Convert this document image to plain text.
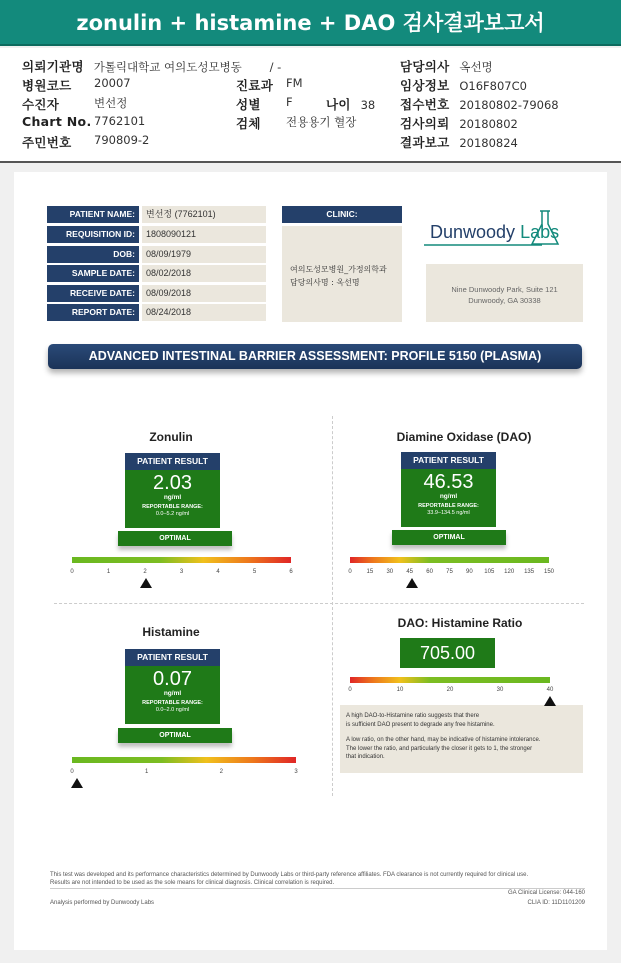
zonulin + histamine + DAO 검사결과보고서
의뢰기관명 가톨릭대학교 여의도성모병동 / -	담당의사 옥선명
병원코드 20007	진료과 FM	임상정보 O16F807C0
수진자	변선정	성별 F	나이 38 접수번호 20180802-79068
Chart No. 7762101	검체 전용용기 혈장	검사의뢰 20180802
주민번호 790809-2	결과보고 20180824
PATIENT NAME:	변선정 (7762101)
REQUISITION ID:	1808090121
DOB:	08/09/1979
SAMPLE DATE:	08/02/2018
RECEIVE DATE:	08/09/2018
REPORT DATE:	08/24/2018
CLINIC:
여의도성모병원_가정의학과
담당의사명 : 옥선명
Dunwoody Labs
Nine Dunwoody Park, Suite 121
Dunwoody, GA 30338
ADVANCED INTESTINAL BARRIER ASSESSMENT: PROFILE 5150 (PLASMA)
Zonulin
PATIENT RESULT
2.03
ng/ml
REPORTABLE RANGE:
0.0–5.2 ng/ml
OPTIMAL
Diamine Oxidase (DAO)
PATIENT RESULT
46.53
ng/ml
REPORTABLE RANGE:
33.9–134.5 ng/ml
OPTIMAL
Histamine
PATIENT RESULT
0.07
ng/ml
REPORTABLE RANGE:
0.0–2.0 ng/ml
OPTIMAL
DAO: Histamine Ratio
705.00
A high DAO-to-Histamine ratio suggests that there
is sufficient DAO present to degrade any free histamine.
A low ratio, on the other hand, may be indicative of histamine intolerance.
The lower the ratio, and particularly the closer it gets to 1, the stronger
that indication.
This test was developed and its performance characteristics determined by Dunwoody Labs or third-party reference affiliates. FDA clearance is not currently required for clinical use.
Results are not intended to be used as the sole means for clinical diagnosis. Clinical correlation is required.
GA Clinical License: 044-160
Analysis performed by Dunwoody Labs	CLIA ID: 11D1101209
0	1	2	3	4	5	6	0 15 30 45 60 75 90 105 120 135 150
0	1	2	3
0	10	20	30	40
